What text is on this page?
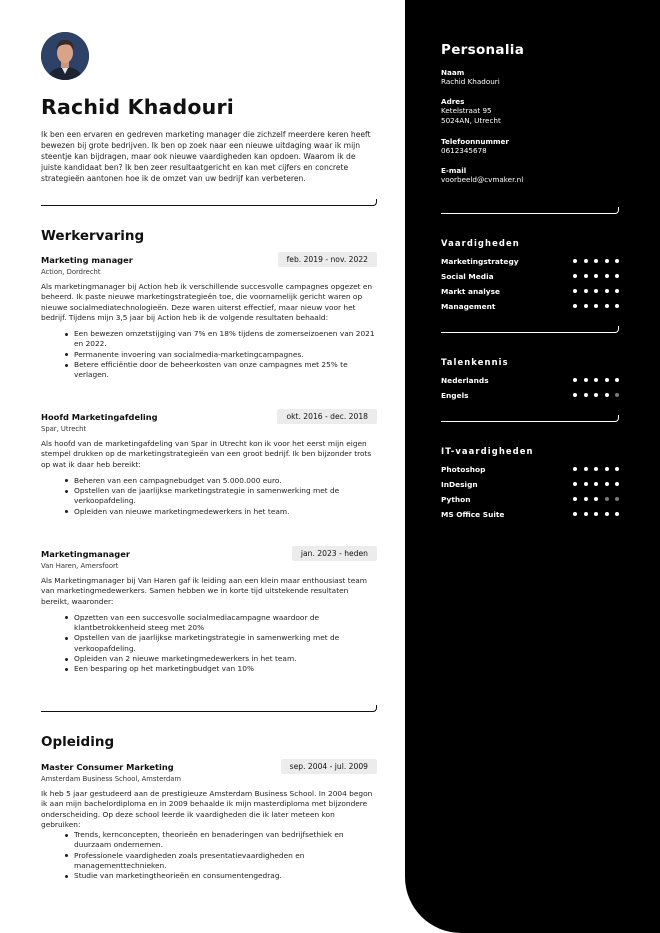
Rachid Khadouri
Ik ben een ervaren en gedreven marketing manager die zichzelf meerdere keren heeft bewezen bij grote bedrijven. Ik ben op zoek naar een nieuwe uitdaging waar ik mijn steentje kan bijdragen, maar ook nieuwe vaardigheden kan opdoen. Waarom ik de juiste kandidaat ben? Ik ben zeer resultaatgericht en kan met cijfers en concrete strategieën aantonen hoe ik de omzet van uw bedrijf kan verbeteren.
Werkervaring
Marketing manager	feb. 2019 - nov. 2022
Action, Dordrecht
Als marketingmanager bij Action heb ik verschillende succesvolle campagnes opgezet en beheerd. Ik paste nieuwe marketingstrategieën toe, die voornamelijk gericht waren op nieuwe socialmediatechnologieën. Deze waren uiterst effectief, maar nieuw voor het bedrijf. Tijdens mijn 3,5 jaar bij Action heb ik de volgende resultaten behaald:
Een bewezen omzetstijging van 7% en 18% tijdens de zomerseizoenen van 2021 en 2022.
Permanente invoering van socialmedia-marketingcampagnes.
Betere efficiëntie door de beheerkosten van onze campagnes met 25% te verlagen.
Hoofd Marketingafdeling	okt. 2016 - dec. 2018
Spar, Utrecht
Als hoofd van de marketingafdeling van Spar in Utrecht kon ik voor het eerst mijn eigen stempel drukken op de marketingstrategieën van een groot bedrijf. Ik ben bijzonder trots op wat ik daar heb bereikt:
Beheren van een campagnebudget van 5.000.000 euro.
Opstellen van de jaarlijkse marketingstrategie in samenwerking met de verkoopafdeling.
Opleiden van nieuwe marketingmedewerkers in het team.
Marketingmanager	jan. 2023 - heden
Van Haren, Amersfoort
Als Marketingmanager bij Van Haren gaf ik leiding aan een klein maar enthousiast team van marketingmedewerkers. Samen hebben we in korte tijd uitstekende resultaten bereikt, waaronder:
Opzetten van een succesvolle socialmediacampagne waardoor de klantbetrokkenheid steeg met 20%
Opstellen van de jaarlijkse marketingstrategie in samenwerking met de verkoopafdeling.
Opleiden van 2 nieuwe marketingmedewerkers in het team.
Een besparing op het marketingbudget van 10%
Opleiding
Master Consumer Marketing	sep. 2004 - jul. 2009
Amsterdam Business School, Amsterdam
Ik heb 5 jaar gestudeerd aan de prestigieuze Amsterdam Business School. In 2004 begon ik aan mijn bachelordiploma en in 2009 behaalde ik mijn masterdiploma met bijzondere onderscheiding. Op deze school leerde ik vaardigheden die ik later meteen kon gebruiken:
Trends, kernconcepten, theorieën en benaderingen van bedrijfsethiek en duurzaam ondernemen.
Professionele vaardigheden zoals presentatievaardigheden en managementtechnieken.
Studie van marketingtheorieën en consumentengedrag.
Personalia
Naam
Rachid Khadouri
Adres
Ketelstraat 95
5024AN, Utrecht
Telefoonnummer
0612345678
E-mail
voorbeeld@cvmaker.nl
Vaardigheden
Marketingstrategy
Social Media
Markt analyse
Management
Talenkennis
Nederlands
Engels
IT-vaardigheden
Photoshop
InDesign
Python
MS Office Suite
